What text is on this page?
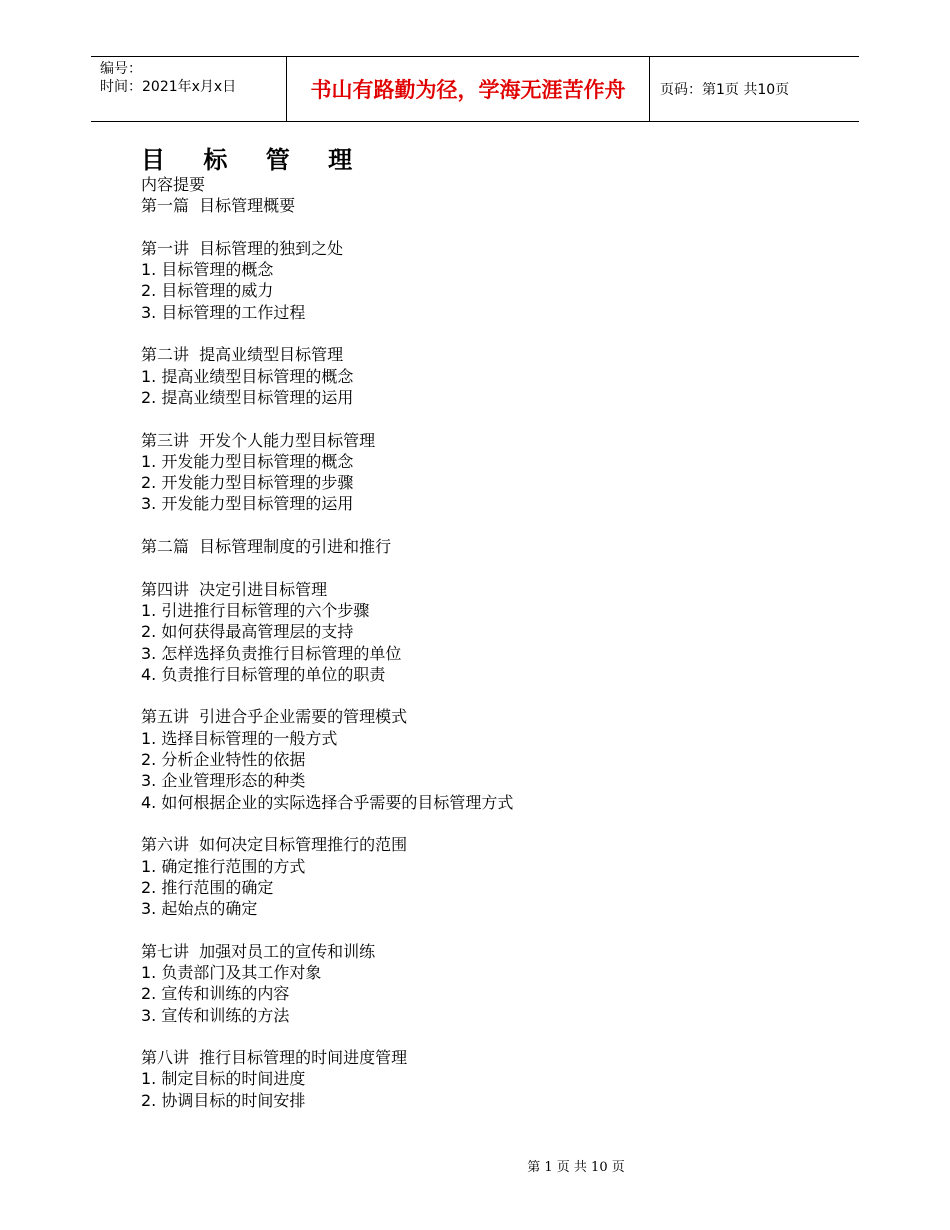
编号：
时间：2021年x月x日	书山有路勤为径，学海无涯苦作舟	页码：第1页 共10页
目 标 管 理
内容提要
第一篇  目标管理概要
第一讲  目标管理的独到之处
1. 目标管理的概念
2. 目标管理的威力
3. 目标管理的工作过程
第二讲  提高业绩型目标管理
1. 提高业绩型目标管理的概念
2. 提高业绩型目标管理的运用
第三讲  开发个人能力型目标管理
1. 开发能力型目标管理的概念
2. 开发能力型目标管理的步骤
3. 开发能力型目标管理的运用
第二篇  目标管理制度的引进和推行
第四讲  决定引进目标管理
1. 引进推行目标管理的六个步骤
2. 如何获得最高管理层的支持
3. 怎样选择负责推行目标管理的单位
4. 负责推行目标管理的单位的职责
第五讲  引进合乎企业需要的管理模式
1. 选择目标管理的一般方式
2. 分析企业特性的依据
3. 企业管理形态的种类
4. 如何根据企业的实际选择合乎需要的目标管理方式
第六讲  如何决定目标管理推行的范围
1. 确定推行范围的方式
2. 推行范围的确定
3. 起始点的确定
第七讲  加强对员工的宣传和训练
1. 负责部门及其工作对象
2. 宣传和训练的内容
3. 宣传和训练的方法
第八讲  推行目标管理的时间进度管理
1. 制定目标的时间进度
2. 协调目标的时间安排
第 1 页 共 10 页
